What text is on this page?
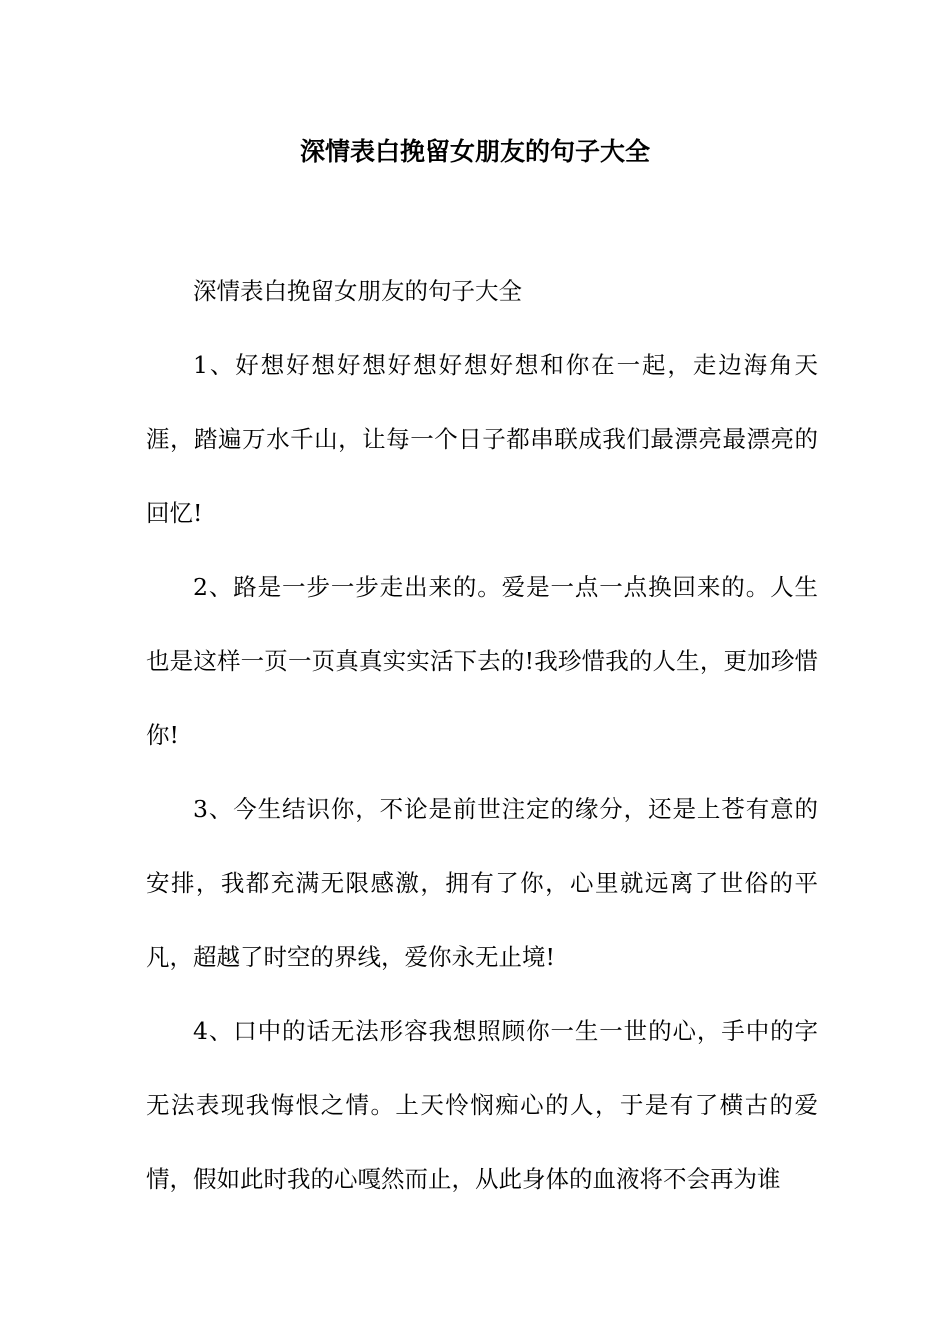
深情表白挽留女朋友的句子大全

深情表白挽留女朋友的句子大全

1、好想好想好想好想好想好想和你在一起，走边海角天涯，踏遍万水千山，让每一个日子都串联成我们最漂亮最漂亮的回忆!

2、路是一步一步走出来的。爱是一点一点换回来的。人生也是这样一页一页真真实实活下去的!我珍惜我的人生，更加珍惜你!

3、今生结识你，不论是前世注定的缘分，还是上苍有意的安排，我都充满无限感激，拥有了你，心里就远离了世俗的平凡，超越了时空的界线，爱你永无止境!

4、口中的话无法形容我想照顾你一生一世的心，手中的字无法表现我悔恨之情。上天怜悯痴心的人，于是有了横古的爱情，假如此时我的心嘎然而止，从此身体的血液将不会再为谁
